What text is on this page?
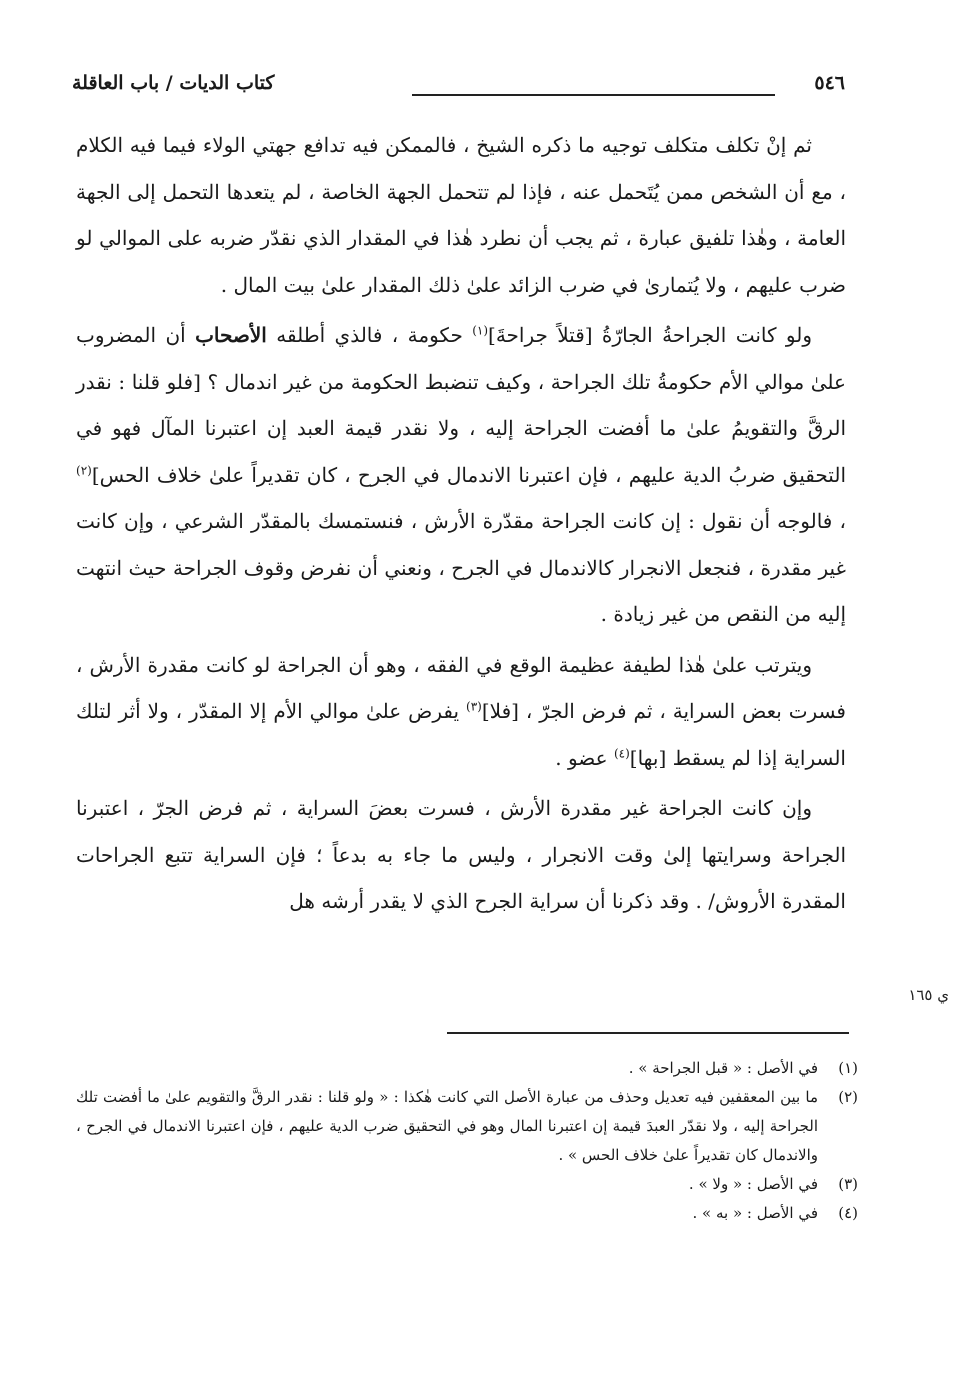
كتاب الديات / باب العاقلة	٥٤٦

ثم إنْ تكلف متكلف توجيه ما ذكره الشيخ ، فالممكن فيه تدافع جهتي الولاء فيما فيه الكلام ، مع أن الشخص ممن يُتَحمل عنه ، فإذا لم تتحمل الجهة الخاصة ، لم يتعدها التحمل إلى الجهة العامة ، وهٰذا تلفيق عبارة ، ثم يجب أن نطرد هٰذا في المقدار الذي نقدّر ضربه على الموالي لو ضرب عليهم ، ولا يُتمارىٰ في ضرب الزائد علىٰ ذلك المقدار علىٰ بيت المال .

ولو كانت الجراحةُ الجارّةُ [قتلاً جراحةَ]$^{(١)}$ حكومة ، فالذي أطلقه الأصحاب أن المضروب علىٰ موالي الأم حكومةُ تلك الجراحة ، وكيف تنضبط الحكومة من غير اندمال ؟ [فلو قلنا : نقدر الرقَّ والتقويمُ علىٰ ما أفضت الجراحة إليه ، ولا نقدر قيمة العبد إن اعتبرنا المآل فهو في التحقيق ضربُ الدية عليهم ، فإن اعتبرنا الاندمال في الجرح ، كان تقديراً علىٰ خلاف الحس]$^{(٢)}$ ، فالوجه أن نقول : إن كانت الجراحة مقدّرة الأرش ، فنستمسك بالمقدّر الشرعي ، وإن كانت غير مقدرة ، فنجعل الانجرار كالاندمال في الجرح ، ونعني أن نفرض وقوف الجراحة حيث انتهت إليه من النقص من غير زيادة .

ويترتب علىٰ هٰذا لطيفة عظيمة الوقع في الفقه ، وهو أن الجراحة لو كانت مقدرة الأرش ، فسرت بعض السراية ، ثم فرض الجرّ ، [فلا]$^{(٣)}$ يفرض علىٰ موالي الأم إلا المقدّر ، ولا أثر لتلك السراية إذا لم يسقط [بها]$^{(٤)}$ عضو .

وإن كانت الجراحة غير مقدرة الأرش ، فسرت بعضَ السراية ، ثم فرض الجرّ ، اعتبرنا الجراحة وسرايتها إلىٰ وقت الانجرار ، وليس ما جاء به بدعاً ؛ فإن السراية تتبع الجراحات المقدرة الأروش/ . وقد ذكرنا أن سراية الجرح الذي لا يقدر أرشه هل

ي ١٦٥
(١)
في الأصل : « قبل الجراحة » .
(٢)
ما بين المعقفين فيه تعديل وحذف من عبارة الأصل التي كانت هٰكذا : « ولو قلنا : نقدر الرقَّ والتقويم علىٰ ما أفضت تلك الجراحة إليه ، ولا نقدّر العبدَ قيمة إن اعتبرنا المال وهو في التحقيق ضرب الدية عليهم ، فإن اعتبرنا الاندمال في الجرح ، والاندمال كان تقديراً علىٰ خلاف الحس » .
(٣)
في الأصل : « ولا » .
(٤)
في الأصل : « به » .
